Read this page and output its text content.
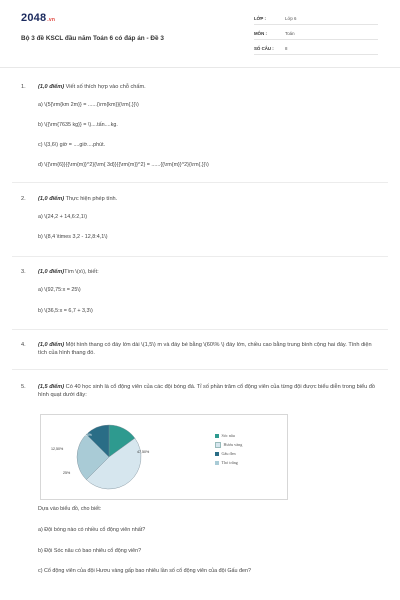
2048.vn
Bộ 3 đề KSCL đầu năm Toán 6 có đáp án - Đề 3
LỚP :	Lớp 6
MÔN :	Toán
SỐ CÂU :	8
1. (1,0 điểm) Viết số thích hợp vào chỗ chấm.
a) \(5{\rm{km 2m}} = ......{\rm{km}}{\rm{.}}\)
b) \({\rm{7635 kg}} = \)....tấn....kg.
c) \(3,6\) giờ = ....giờ....phút.
d) \({\rm{6}}{{\rm{m}}^2}{\rm{ 3d}}{{\rm{m}}^2} = ......{{\rm{m}}^2}{\rm{.}}\)
2. (1,0 điểm) Thực hiện phép tính.
a) \(24,2 + 14,6:2,1\)
b) \(8,4 \times 3,2 - 12,8:4,1\)
3. (1,0 điểm)Tìm \(x\), biết:
a) \(92,75:x = 25\)
b) \(36,5:x = 6,7 + 3,3\)
4. (1,0 điểm) Một hình thang có đáy lớn dài \(1,5\) m và đáy bé bằng \(60\% \) đáy lớn, chiều cao bằng trung bình cộng hai đáy. Tính diện tích của hình thang đó.
5. (1,5 điểm) Có 40 học sinh là cổ động viên của các đội bóng đá. Tỉ số phần trăm cổ động viên của từng đội được biểu diễn trong biểu đồ hình quạt dưới đây:
15%
47,50%
12,50%
25%
Sóc nâu
Hươu vàng
Gấu đen
Thỏ trắng
Dựa vào biểu đồ, cho biết:
a) Đội bóng nào có nhiều cổ động viên nhất?
b) Đội Sóc nâu có bao nhiêu cổ động viên?
c) Cổ động viên của đội Hươu vàng gấp bao nhiêu lần số cổ động viên của đội Gấu đen?
